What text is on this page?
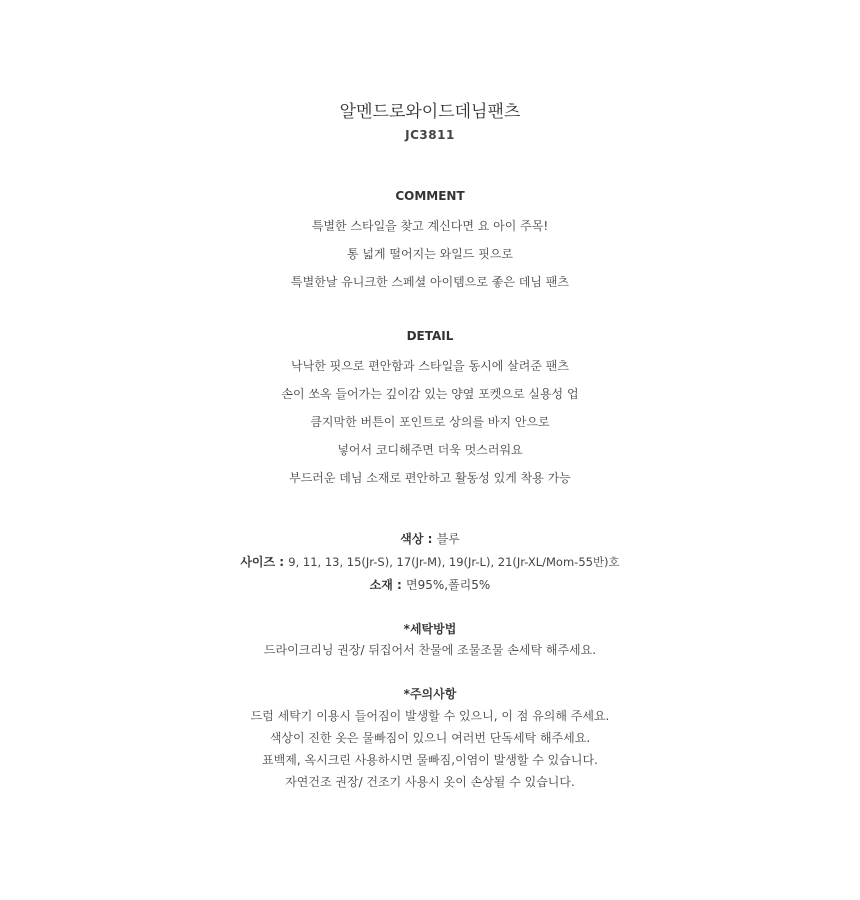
알멘드로와이드데님팬츠
JC3811
COMMENT
특별한 스타일을 찾고 계신다면 요 아이 주목!
통 넓게 떨어지는 와일드 핏으로
특별한날 유니크한 스페셜 아이템으로 좋은 데님 팬츠
DETAIL
낙낙한 핏으로 편안함과 스타일을 동시에 살려준 팬츠
손이 쏘옥 들어가는 깊이감 있는 양옆 포켓으로 실용성 업
큼지막한 버튼이 포인트로 상의를 바지 안으로
넣어서 코디해주면 더욱 멋스러워요
부드러운 데님 소재로 편안하고 활동성 있게 착용 가능
색상 : 블루
사이즈 : 9, 11, 13, 15(Jr-S), 17(Jr-M), 19(Jr-L), 21(Jr-XL/Mom-55반)호
소재 : 면95%,폴리5%
*세탁방법
드라이크리닝 권장/ 뒤집어서 찬물에 조물조물 손세탁 해주세요.
*주의사항
드럼 세탁기 이용시 들어짐이 발생할 수 있으니, 이 점 유의해 주세요.
색상이 진한 옷은 물빠짐이 있으니 여러번 단독세탁 해주세요.
표백제, 옥시크린 사용하시면 물빠짐,이염이 발생할 수 있습니다.
자연건조 권장/ 건조기 사용시 옷이 손상될 수 있습니다.
